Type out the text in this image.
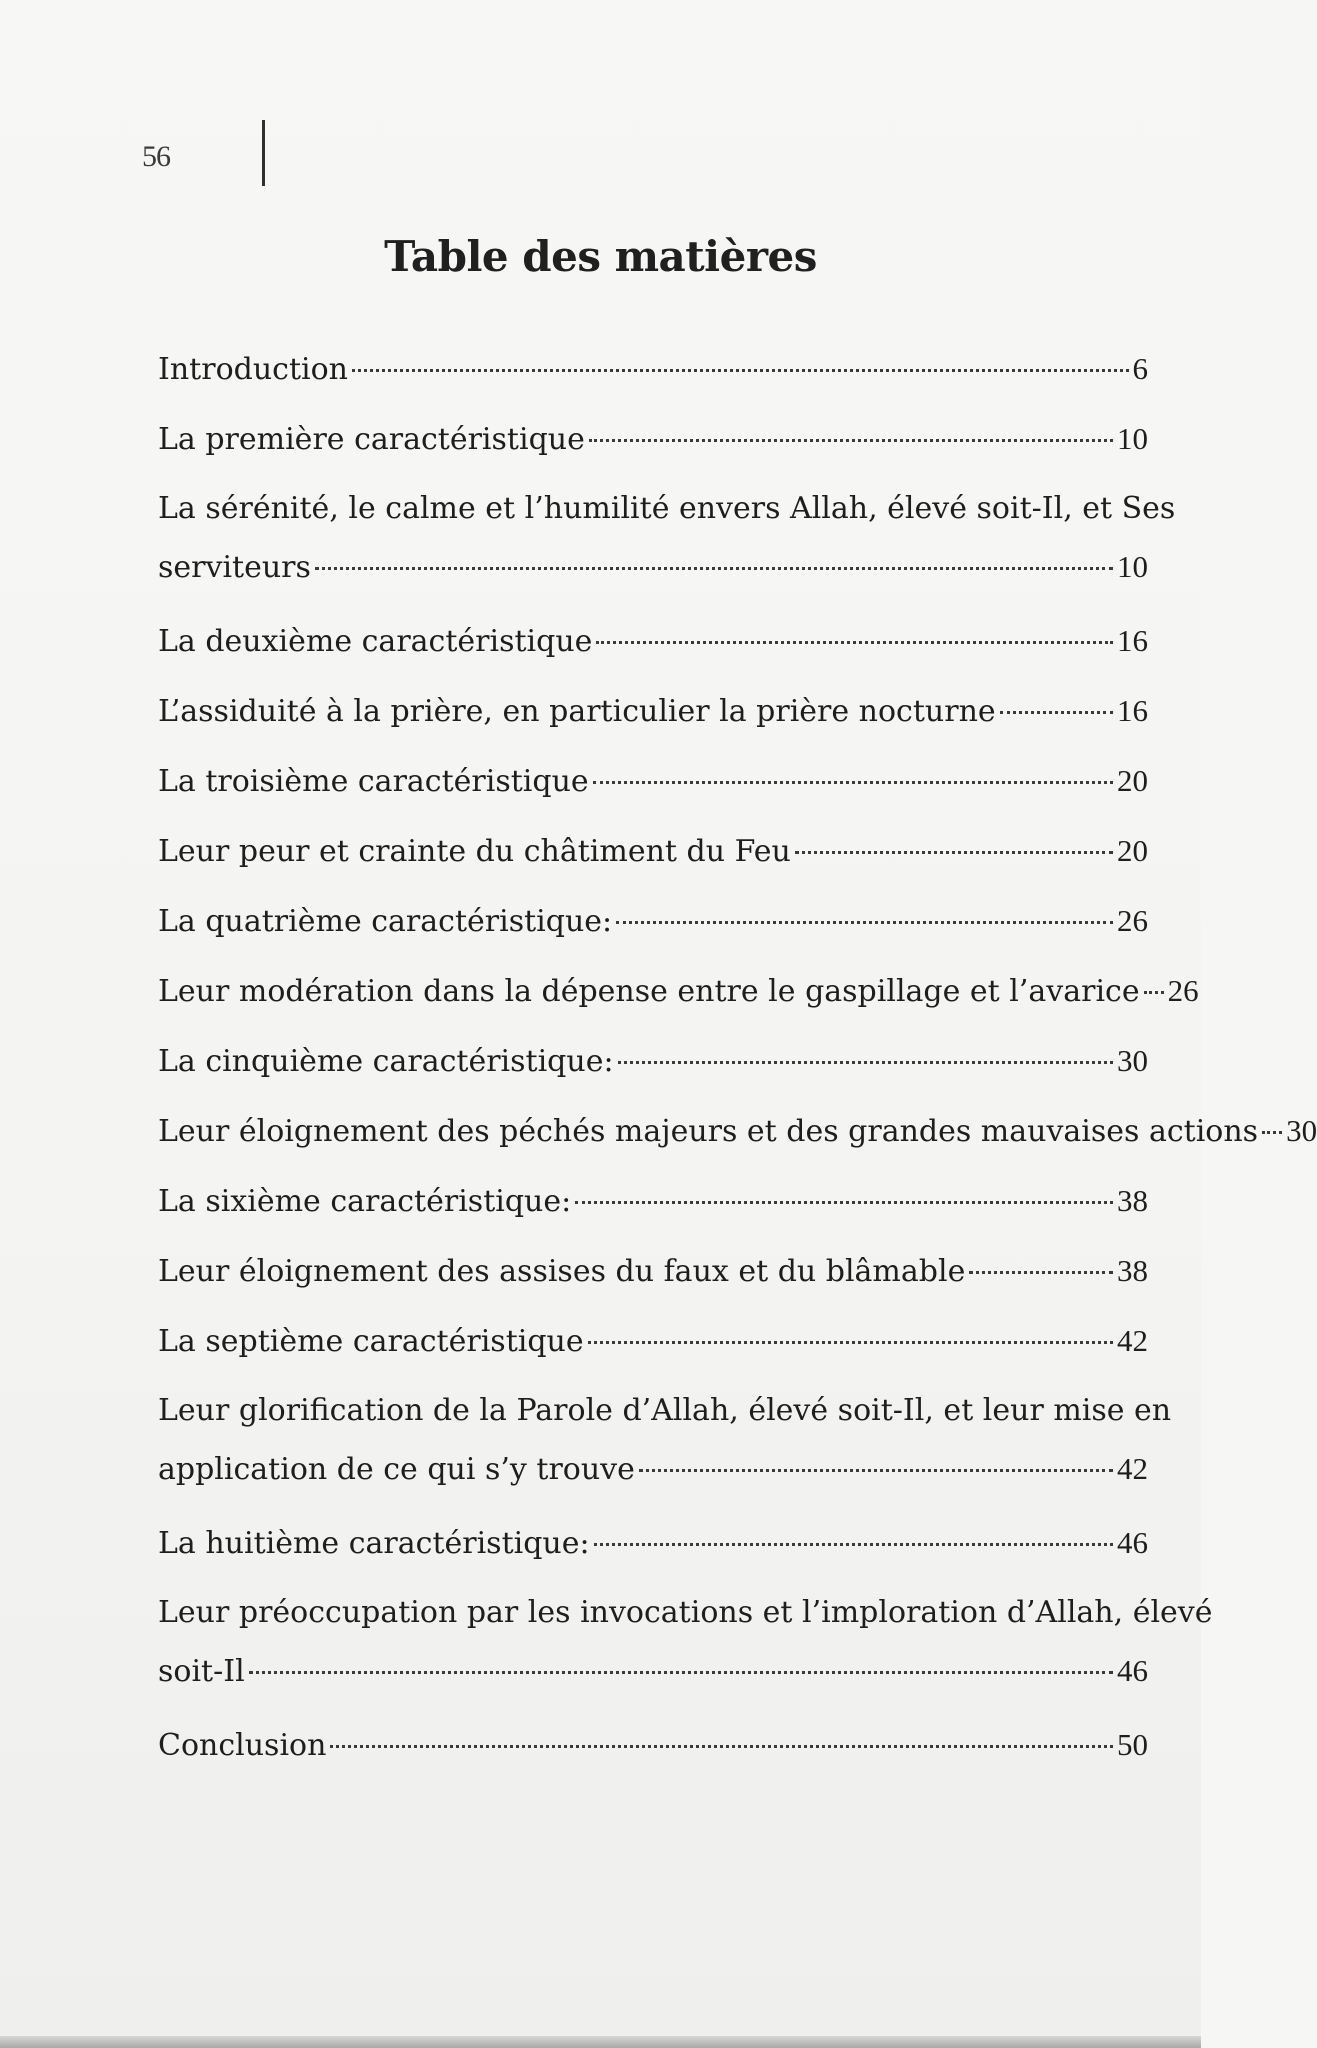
56
Table des matières
Introduction	6
La première caractéristique	10
La sérénité, le calme et l’humilité envers Allah, élevé soit-Il, et Ses
serviteurs	10
La deuxième caractéristique	16
L’assiduité à la prière, en particulier la prière nocturne	16
La troisième caractéristique	20
Leur peur et crainte du châtiment du Feu	20
La quatrième caractéristique:	26
Leur modération dans la dépense entre le gaspillage et l’avarice 26
La cinquième caractéristique:	30
Leur éloignement des péchés majeurs et des grandes mauvaises actions 30
La sixième caractéristique:	38
Leur éloignement des assises du faux et du blâmable	38
La septième caractéristique	42
Leur glorification de la Parole d’Allah, élevé soit-Il, et leur mise en
application de ce qui s’y trouve	42
La huitième caractéristique:	46
Leur préoccupation par les invocations et l’imploration d’Allah, élevé
soit-Il	46
Conclusion	50
